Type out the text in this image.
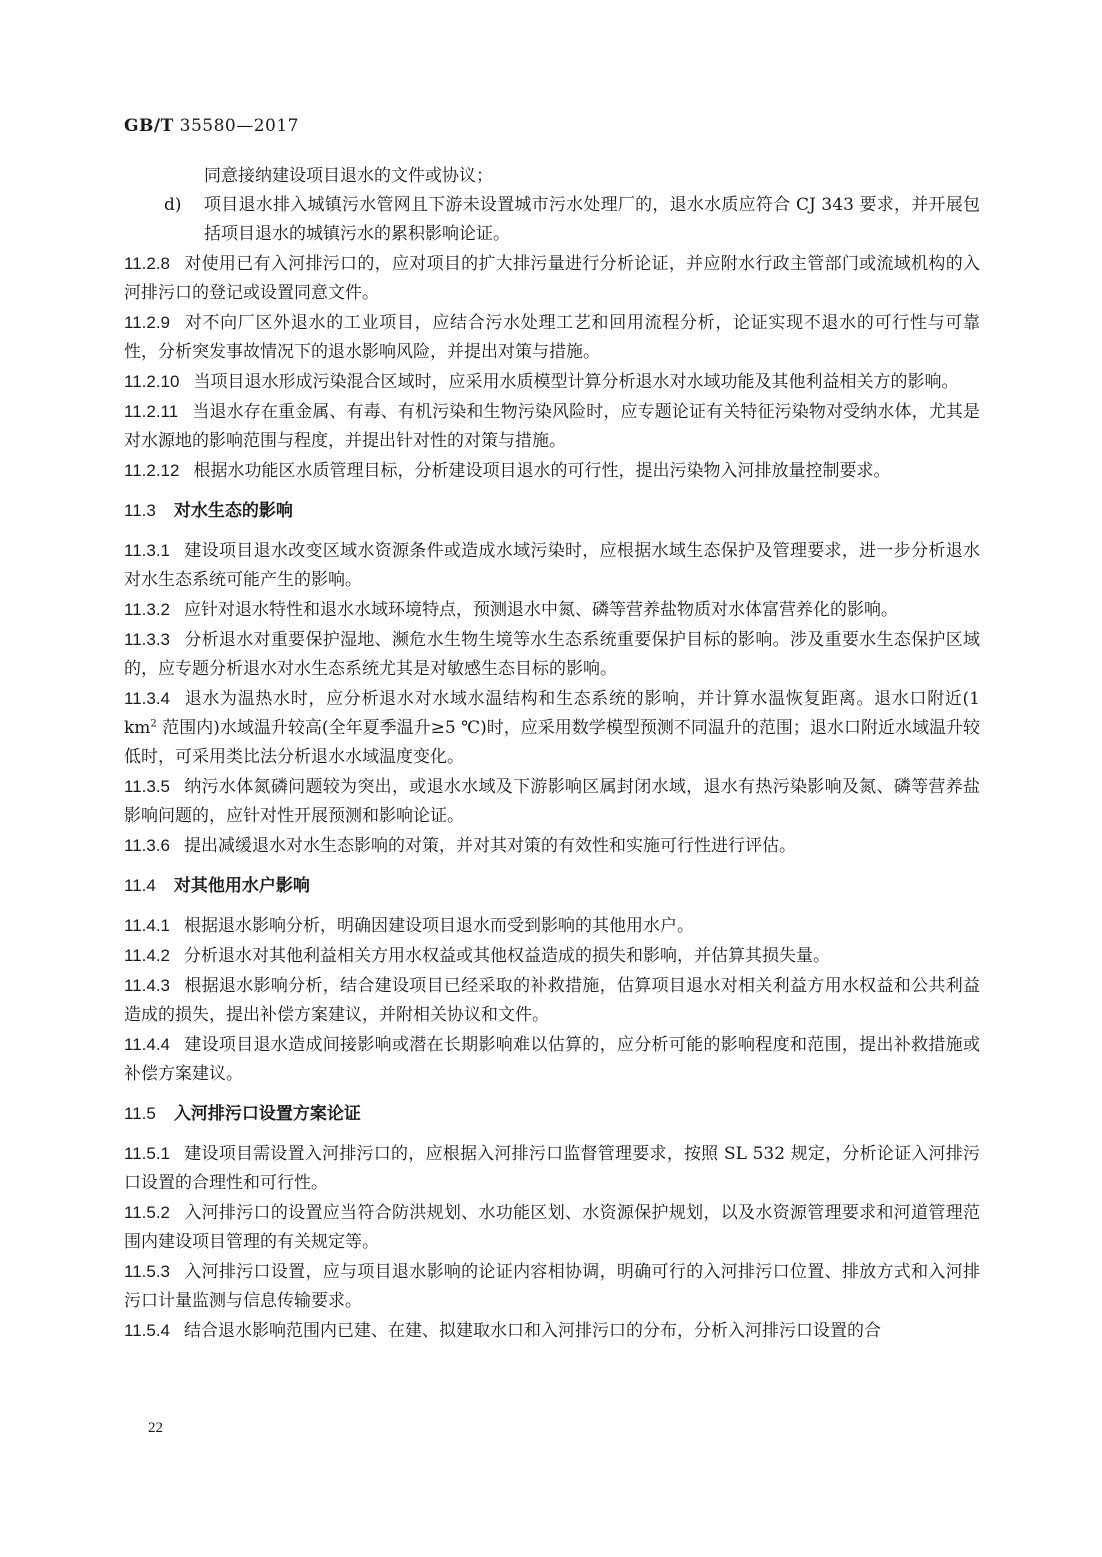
GB/T 35580—2017

同意接纳建设项目退水的文件或协议；

d)	项目退水排入城镇污水管网且下游未设置城市污水处理厂的，退水水质应符合 CJ 343 要求，并开展包括项目退水的城镇污水的累积影响论证。

11.2.8 对使用已有入河排污口的，应对项目的扩大排污量进行分析论证，并应附水行政主管部门或流域机构的入河排污口的登记或设置同意文件。

11.2.9 对不向厂区外退水的工业项目，应结合污水处理工艺和回用流程分析，论证实现不退水的可行性与可靠性，分析突发事故情况下的退水影响风险，并提出对策与措施。

11.2.10 当项目退水形成污染混合区域时，应采用水质模型计算分析退水对水域功能及其他利益相关方的影响。

11.2.11 当退水存在重金属、有毒、有机污染和生物污染风险时，应专题论证有关特征污染物对受纳水体，尤其是对水源地的影响范围与程度，并提出针对性的对策与措施。

11.2.12 根据水功能区水质管理目标，分析建设项目退水的可行性，提出污染物入河排放量控制要求。

11.3 对水生态的影响

11.3.1 建设项目退水改变区域水资源条件或造成水域污染时，应根据水域生态保护及管理要求，进一步分析退水对水生态系统可能产生的影响。

11.3.2 应针对退水特性和退水水域环境特点，预测退水中氮、磷等营养盐物质对水体富营养化的影响。

11.3.3 分析退水对重要保护湿地、濒危水生物生境等水生态系统重要保护目标的影响。涉及重要水生态保护区域的，应专题分析退水对水生态系统尤其是对敏感生态目标的影响。

11.3.4 退水为温热水时，应分析退水对水域水温结构和生态系统的影响，并计算水温恢复距离。退水口附近(1 $km^2$ 范围内)水域温升较高(全年夏季温升≥5 ℃)时，应采用数学模型预测不同温升的范围；退水口附近水域温升较低时，可采用类比法分析退水水域温度变化。

11.3.5 纳污水体氮磷问题较为突出，或退水水域及下游影响区属封闭水域，退水有热污染影响及氮、磷等营养盐影响问题的，应针对性开展预测和影响论证。

11.3.6 提出减缓退水对水生态影响的对策，并对其对策的有效性和实施可行性进行评估。

11.4 对其他用水户影响

11.4.1 根据退水影响分析，明确因建设项目退水而受到影响的其他用水户。

11.4.2 分析退水对其他利益相关方用水权益或其他权益造成的损失和影响，并估算其损失量。

11.4.3 根据退水影响分析，结合建设项目已经采取的补救措施，估算项目退水对相关利益方用水权益和公共利益造成的损失，提出补偿方案建议，并附相关协议和文件。

11.4.4 建设项目退水造成间接影响或潜在长期影响难以估算的，应分析可能的影响程度和范围，提出补救措施或补偿方案建议。

11.5 入河排污口设置方案论证

11.5.1 建设项目需设置入河排污口的，应根据入河排污口监督管理要求，按照 SL 532 规定，分析论证入河排污口设置的合理性和可行性。

11.5.2 入河排污口的设置应当符合防洪规划、水功能区划、水资源保护规划，以及水资源管理要求和河道管理范围内建设项目管理的有关规定等。

11.5.3 入河排污口设置，应与项目退水影响的论证内容相协调，明确可行的入河排污口位置、排放方式和入河排污口计量监测与信息传输要求。

11.5.4 结合退水影响范围内已建、在建、拟建取水口和入河排污口的分布，分析入河排污口设置的合

22
